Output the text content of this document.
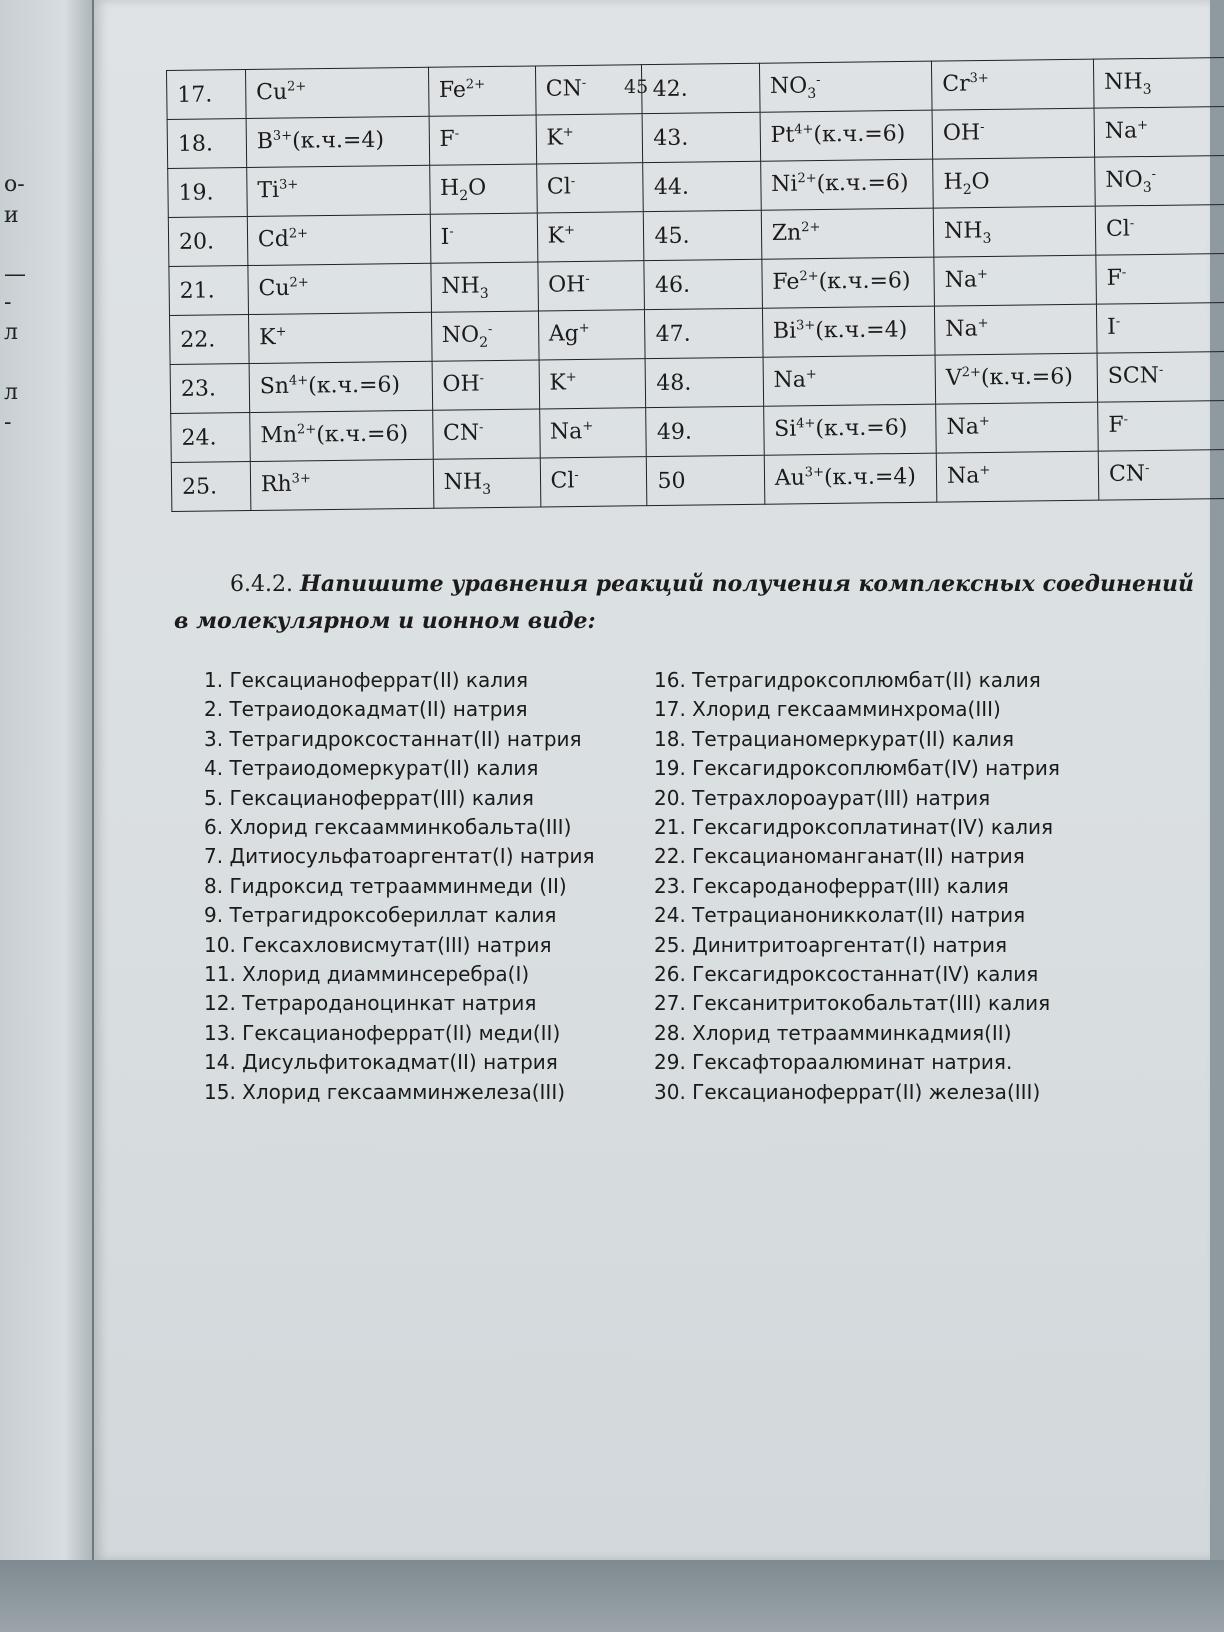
о-
и
—
-
л
л
-
45
17.	$Cu^{2+}$	$Fe^{2+}$	CN-	42.	$NO_3^-$	$Cr^{3+}$	$NH_3$
18.	$B^{3+}(к.ч.=4)$	F-	K+	43.	$Pt^{4+}(к.ч.=6)$	OH-	Na+
19.	$Ti^{3+}$	$H_2O$	Cl-	44.	$Ni^{2+}(к.ч.=6)$	$H_2O$	$NO_3^-$
20.	$Cd^{2+}$	I-	K+	45.	$Zn^{2+}$	$NH_3$	Cl-
21.	$Cu^{2+}$	$NH_3$	OH-	46.	$Fe^{2+}(к.ч.=6)$	Na+	F-
22.	K+	$NO_2^-$	Ag+	47.	$Bi^{3+}(к.ч.=4)$	Na+	I-
23.	$Sn^{4+}(к.ч.=6)$	OH-	K+	48.	Na+	$V^{2+}(к.ч.=6)$	SCN-
24.	$Mn^{2+}(к.ч.=6)$	CN-	Na+	49.	$Si^{4+}(к.ч.=6)$	Na+	F-
25.	$Rh^{3+}$	$NH_3$	Cl-	50	$Au^{3+}(к.ч.=4)$	Na+	CN-
6.4.2. Напишите уравнения реакций получения комплексных соединений в молекулярном и ионном виде:
1. Гексацианоферрат(II) калия
2. Тетраиодокадмат(II) натрия
3. Тетрагидроксостаннат(II) натрия
4. Тетраиодомеркурат(II) калия
5. Гексацианоферрат(III) калия
6. Хлорид гексаамминкобальта(III)
7. Дитиосульфатоаргентат(I) натрия
8. Гидроксид тетраамминмеди (II)
9. Тетрагидроксобериллат калия
10. Гексахловисмутат(III) натрия
11. Хлорид диамминсеребра(I)
12. Тетрароданоцинкат натрия
13. Гексацианоферрат(II) меди(II)
14. Дисульфитокадмат(II) натрия
15. Хлорид гексаамминжелеза(III)
16. Тетрагидроксоплюмбат(II) калия
17. Хлорид гексаамминхрома(III)
18. Тетрацианомеркурат(II) калия
19. Гексагидроксоплюмбат(IV) натрия
20. Тетрахлороаурат(III) натрия
21. Гексагидроксоплатинат(IV) калия
22. Гексацианоманганат(II) натрия
23. Гексароданоферрат(III) калия
24. Тетрацианоникколат(II) натрия
25. Динитритоаргентат(I) натрия
26. Гексагидроксостаннат(IV) калия
27. Гексанитритокобальтат(III) калия
28. Хлорид тетраамминкадмия(II)
29. Гексафтораалюминат натрия.
30. Гексацианоферрат(II) железа(III)
